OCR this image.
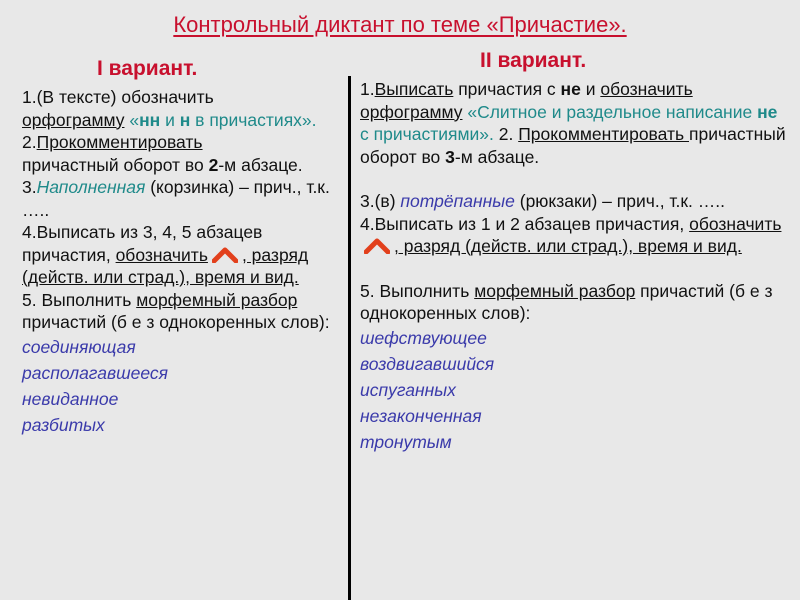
Контрольный диктант по теме «Причастие».
I вариант.

1.(В тексте) обозначить
орфограмму «нн и н в причастиях».

2.Прокомментировать
причастный оборот во 2-м абзаце.

3.Наполненная (корзинка) – прич., т.к. …..

4.Выписать из 3, 4, 5 абзацев причастия, обозначить , разряд (действ. или страд.), время и вид.

5. Выполнить морфемный разбор причастий (б е з однокоренных слов):

соединяющая
располагавшееся
невиданное
разбитых
II вариант.

1.Выписать причастия с не и обозначить орфограмму «Слитное и раздельное написание не с причастиями». 2. Прокомментировать причастный оборот во 3-м абзаце.

3.(в) потрёпанные (рюкзаки) – прич., т.к. …..

4.Выписать из 1 и 2 абзацев причастия, обозначить, разряд (действ. или страд.), время и вид.

5. Выполнить морфемный разбор причастий (б е з однокоренных слов):

шефствующее
воздвигавшийся
испуганных
незаконченная
тронутым
